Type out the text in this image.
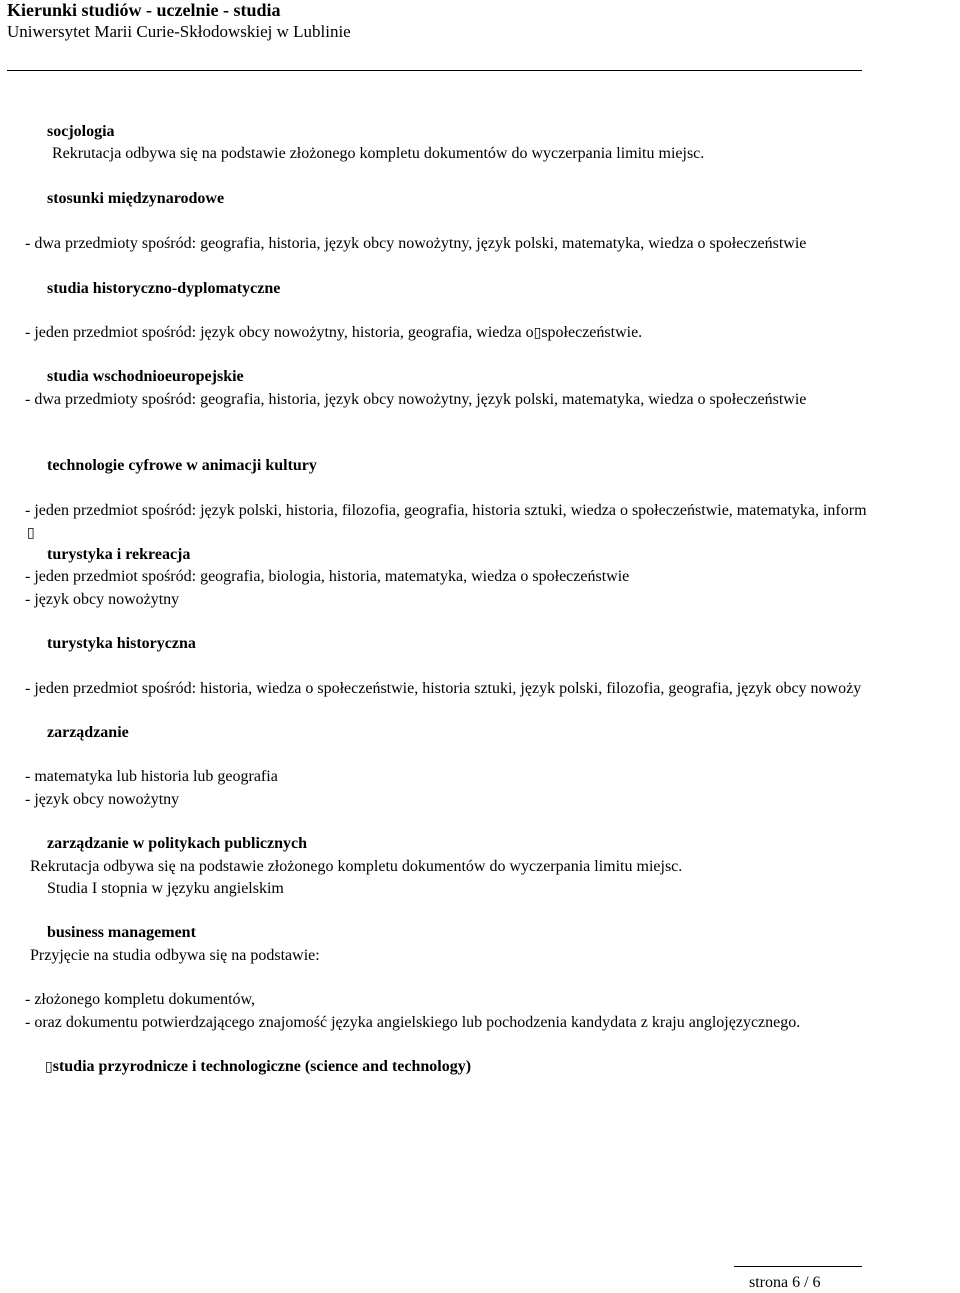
Kierunki studiów - uczelnie - studia
Uniwersytet Marii Curie-Skłodowskiej w Lublinie
socjologia
Rekrutacja odbywa się na podstawie złożonego kompletu dokumentów do wyczerpania limitu miejsc.
stosunki międzynarodowe
- dwa przedmioty spośród: geografia, historia, język obcy nowożytny, język polski, matematyka, wiedza o społeczeństwie
studia historyczno-dyplomatyczne
- jeden przedmiot spośród: język obcy nowożytny, historia, geografia, wiedza o▯społeczeństwie.
studia wschodnioeuropejskie
- dwa przedmioty spośród: geografia, historia, język obcy nowożytny, język polski, matematyka, wiedza o społeczeństwie
technologie cyfrowe w animacji kultury
- jeden przedmiot spośród: język polski, historia, filozofia, geografia, historia sztuki, wiedza o społeczeństwie, matematyka, inform
▯
turystyka i rekreacja
- jeden przedmiot spośród: geografia, biologia, historia, matematyka, wiedza o społeczeństwie
- język obcy nowożytny
turystyka historyczna
- jeden przedmiot spośród: historia, wiedza o społeczeństwie, historia sztuki, język polski, filozofia, geografia, język obcy nowoży
zarządzanie
- matematyka lub historia lub geografia
- język obcy nowożytny
zarządzanie w politykach publicznych
Rekrutacja odbywa się na podstawie złożonego kompletu dokumentów do wyczerpania limitu miejsc.
Studia I stopnia w języku angielskim
business management
Przyjęcie na studia odbywa się na podstawie:
- złożonego kompletu dokumentów,
- oraz dokumentu potwierdzającego znajomość języka angielskiego lub pochodzenia kandydata z kraju anglojęzycznego.
▯studia przyrodnicze i technologiczne (science and technology)
strona 6 / 6
